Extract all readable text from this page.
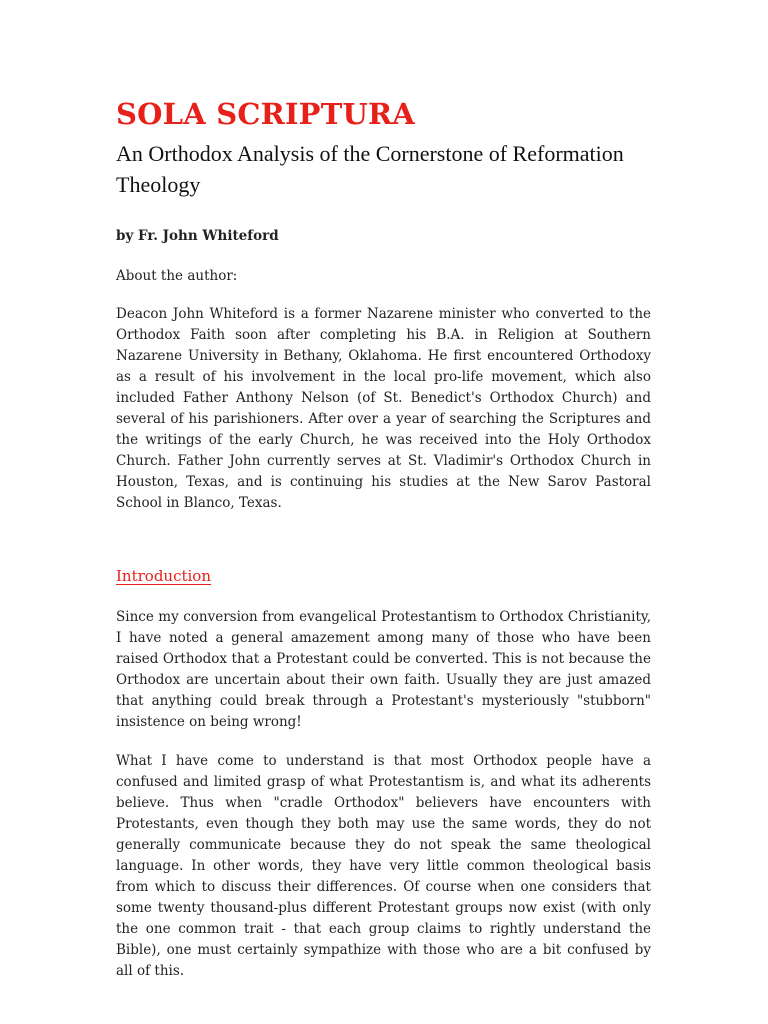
SOLA SCRIPTURA
An Orthodox Analysis of the Cornerstone of Reformation Theology

by Fr. John Whiteford

About the author:

Deacon John Whiteford is a former Nazarene minister who converted to the Orthodox Faith soon after completing his B.A. in Religion at Southern Nazarene University in Bethany, Oklahoma. He first encountered Orthodoxy as a result of his involvement in the local pro-life movement, which also included Father Anthony Nelson (of St. Benedict's Orthodox Church) and several of his parishioners. After over a year of searching the Scriptures and the writings of the early Church, he was received into the Holy Orthodox Church. Father John currently serves at St. Vladimir's Orthodox Church in Houston, Texas, and is continuing his studies at the New Sarov Pastoral School in Blanco, Texas.

Introduction

Since my conversion from evangelical Protestantism to Orthodox Christianity, I have noted a general amazement among many of those who have been raised Orthodox that a Protestant could be converted. This is not because the Orthodox are uncertain about their own faith. Usually they are just amazed that anything could break through a Protestant's mysteriously "stubborn" insistence on being wrong!

What I have come to understand is that most Orthodox people have a confused and limited grasp of what Protestantism is, and what its adherents believe. Thus when "cradle Orthodox" believers have encounters with Protestants, even though they both may use the same words, they do not generally communicate because they do not speak the same theological language. In other words, they have very little common theological basis from which to discuss their differences. Of course when one considers that some twenty thousand-plus different Protestant groups now exist (with only the one common trait - that each group claims to rightly understand the Bible), one must certainly sympathize with those who are a bit confused by all of this.
